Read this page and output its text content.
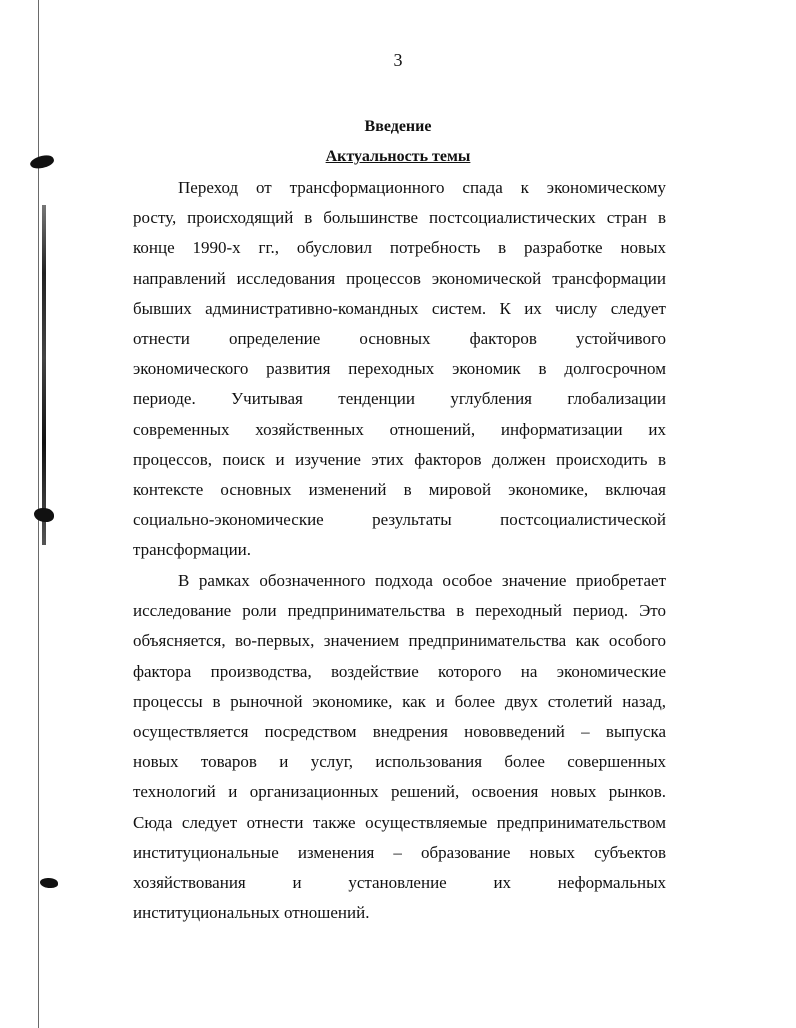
3
Введение
Актуальность темы
Переход от трансформационного спада к экономическому
росту, происходящий в большинстве постсоциалистических стран в
конце 1990-х гг., обусловил потребность в разработке новых
направлений исследования процессов экономической трансформации
бывших административно-командных систем. К их числу следует
отнести определение основных факторов устойчивого
экономического развития переходных экономик в долгосрочном
периоде. Учитывая тенденции углубления глобализации
современных хозяйственных отношений, информатизации их
процессов, поиск и изучение этих факторов должен происходить в
контексте основных изменений в мировой экономике, включая
социально-экономические результаты постсоциалистической
трансформации.
В рамках обозначенного подхода особое значение приобретает
исследование роли предпринимательства в переходный период. Это
объясняется, во-первых, значением предпринимательства как особого
фактора производства, воздействие которого на экономические
процессы в рыночной экономике, как и более двух столетий назад,
осуществляется посредством внедрения нововведений – выпуска
новых товаров и услуг, использования более совершенных
технологий и организационных решений, освоения новых рынков.
Сюда следует отнести также осуществляемые предпринимательством
институциональные изменения – образование новых субъектов
хозяйствования и установление их неформальных
институциональных отношений.
